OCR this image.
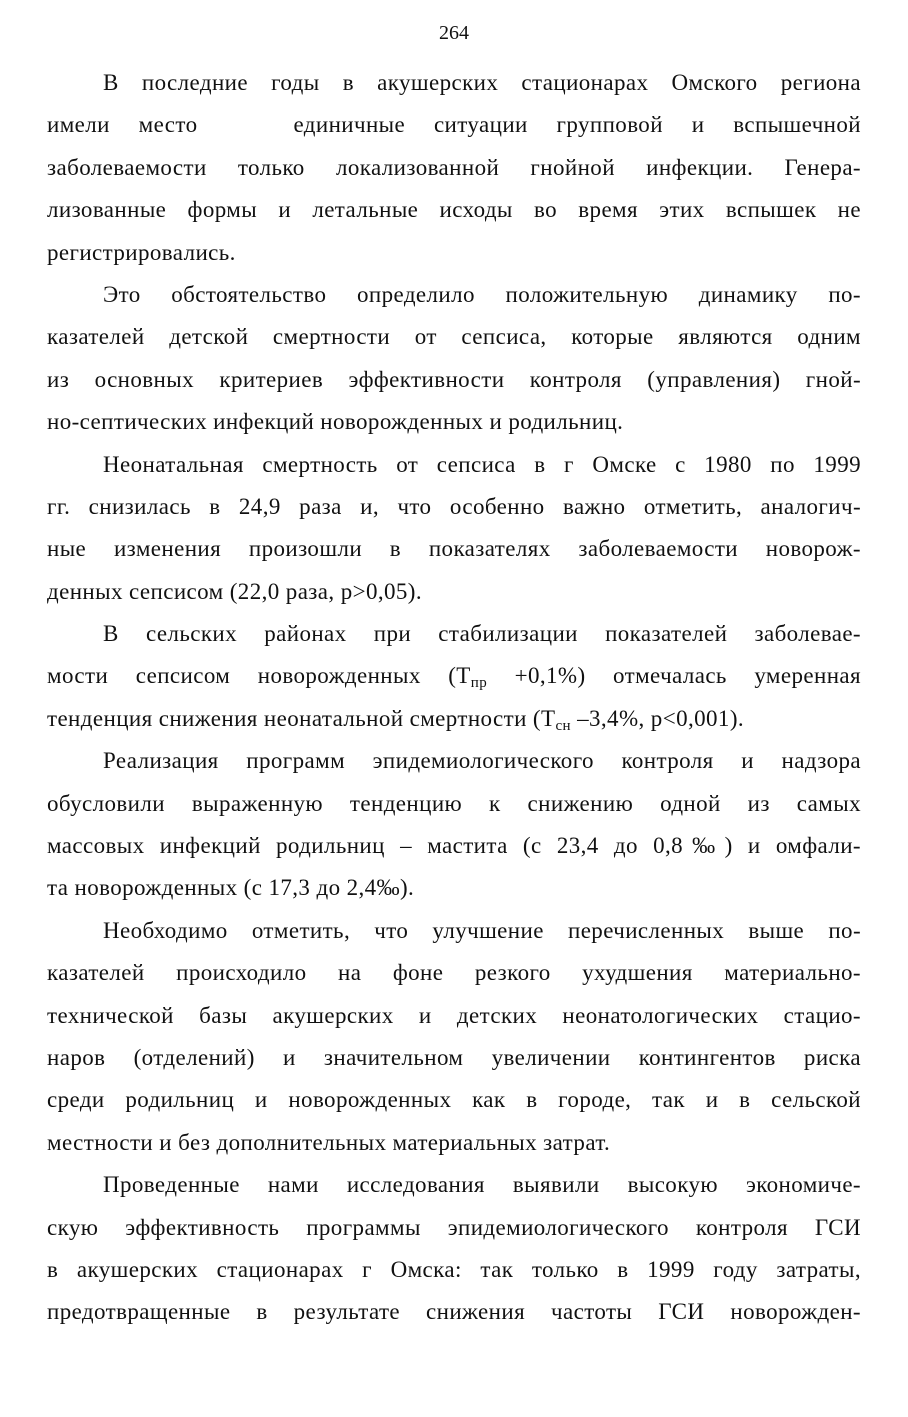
264
В последние годы в акушерских стационарах Омского региона
имели место	единичные ситуации групповой и вспышечной
заболеваемости только локализованной гнойной инфекции. Генера-
лизованные формы и летальные исходы во время этих вспышек не
регистрировались.
Это обстоятельство определило положительную динамику по-
казателей детской смертности от сепсиса, которые являются одним
из основных критериев эффективности контроля (управления) гной-
но-септических инфекций новорожденных и родильниц.
Неонатальная смертность от сепсиса в г Омске с 1980 по 1999
гг. снизилась в 24,9 раза и, что особенно важно отметить, аналогич-
ные изменения произошли в показателях заболеваемости новорож-
денных сепсисом (22,0 раза, р>0,05).
В сельских районах при стабилизации показателей заболевае-
мости сепсисом новорожденных $(Т_{пр} +0,1\%)$ отмечалась умеренная
тенденция снижения неонатальной смертности ($Т_{сн}$ –3,4%, р<0,001).
Реализация программ эпидемиологического контроля и надзора
обусловили выраженную тенденцию к снижению одной из самых
массовых инфекций родильниц – мастита (с 23,4 до 0,8‰) и омфали-
та новорожденных (с 17,3 до 2,4‰).
Необходимо отметить, что улучшение перечисленных выше по-
казателей происходило на фоне резкого ухудшения материально-
технической базы акушерских и детских неонатологических стацио-
наров (отделений) и значительном увеличении контингентов риска
среди родильниц и новорожденных как в городе, так и в сельской
местности и без дополнительных материальных затрат.
Проведенные нами исследования выявили высокую экономиче-
скую эффективность программы эпидемиологического контроля ГСИ
в акушерских стационарах г Омска: так только в 1999 году затраты,
предотвращенные в результате снижения частоты ГСИ новорожден-
